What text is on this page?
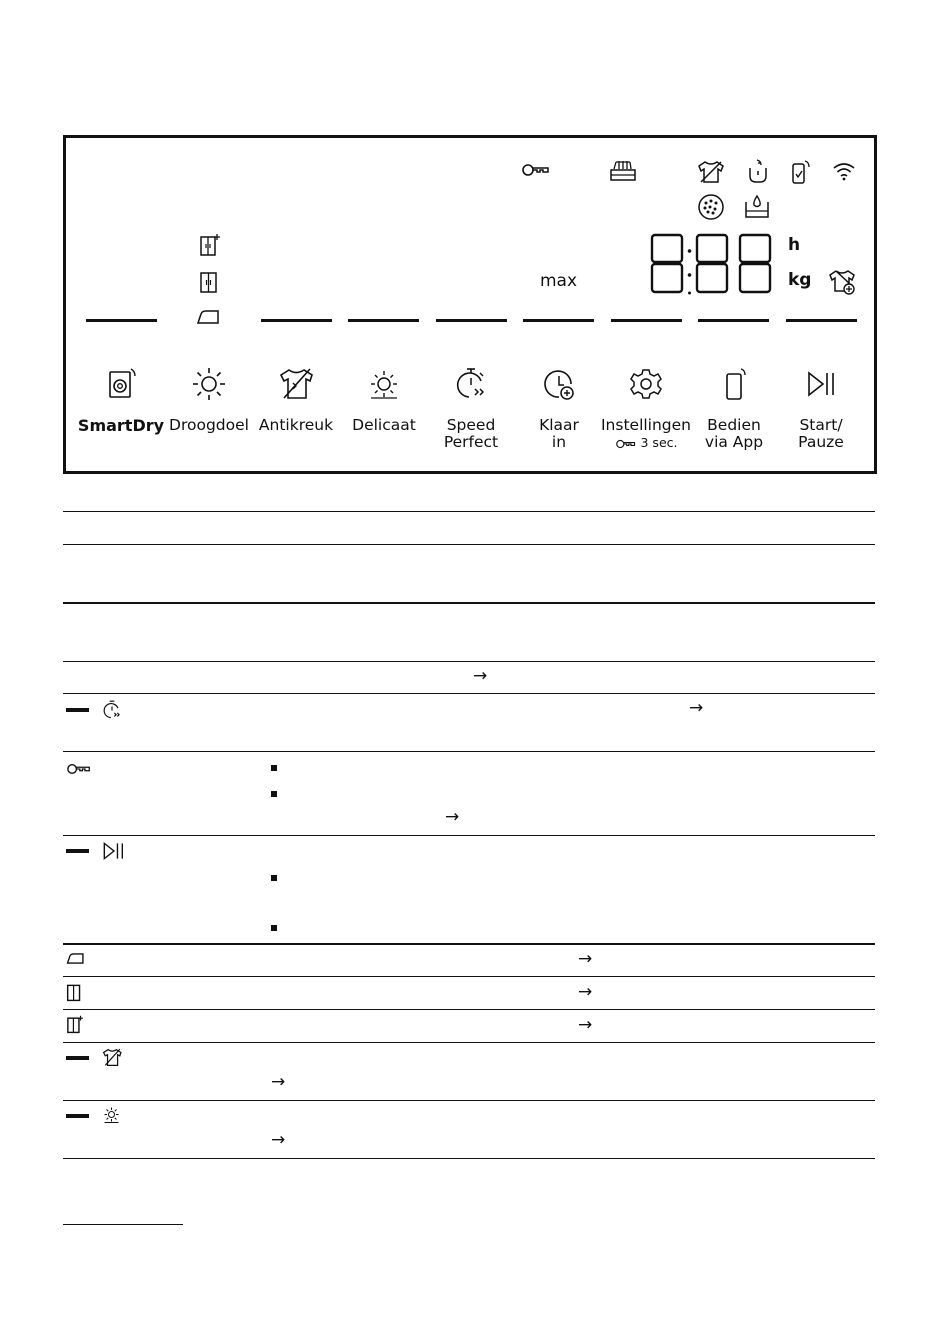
h
kg
max
SmartDry Droogdoel Antikreuk	Delicaat	Speed
Perfect
Klaar
in
Instellingen
3 sec.
Bedien
via App
Start/
Pauze
→
→
→
→
→
→
→
→
